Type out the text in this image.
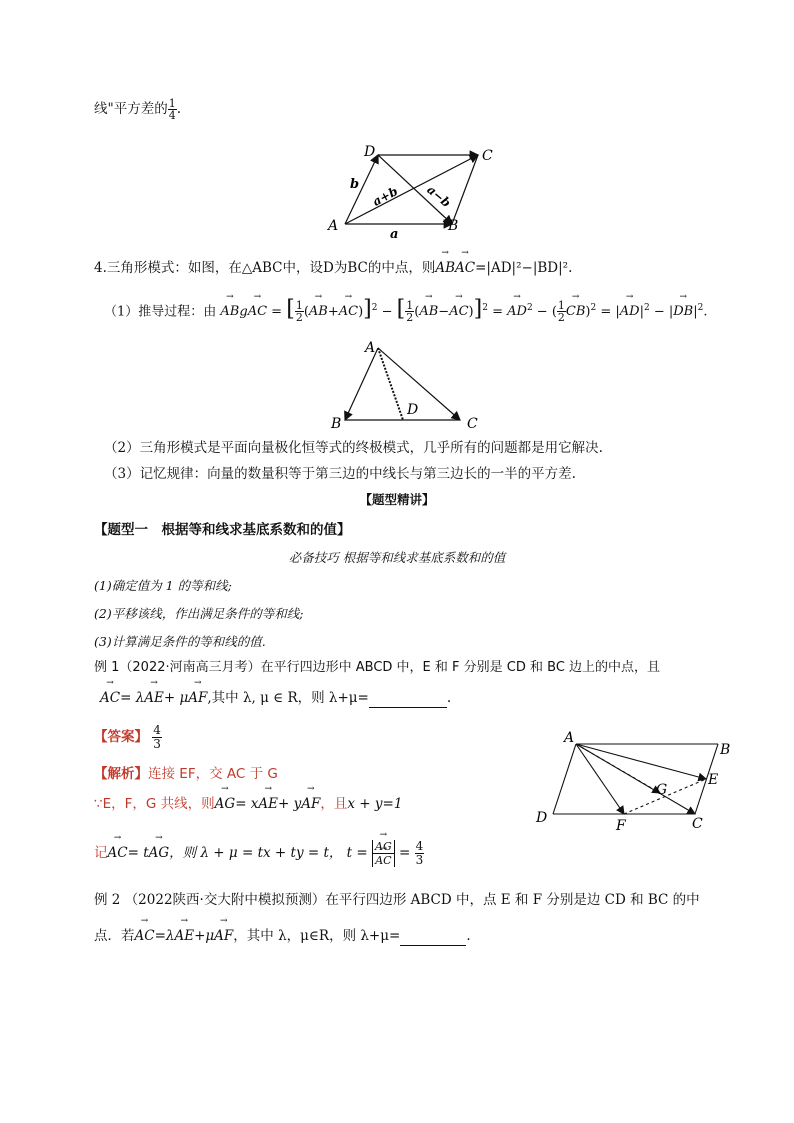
线"平方差的 $\frac{1}{4}$ .
A	B
C
D
a
b a+b a−b
4.三角形模式：如图，在△ABC中，设D为BC的中点，则→ AB→ AC=|AD|²−|BD|².
（1）推导过程：由 → ABg→ AC = [ $\frac{1}{2}$ (→ AB+→ AC)]$^2$ − [ $\frac{1}{2}$ (→ AB−→ AC)]$^2$ = → $AD^2$ − ( $\frac{1}{2}$
→ CB)$^2$ = |→ $AD|^2$ − |→ $DB|^2$.
A
B	C
D
（2）三角形模式是平面向量极化恒等式的终极模式，几乎所有的问题都是用它解决.
（3）记忆规律：向量的数量积等于第三边的中线长与第三边长的一半的平方差.
【题型精讲】
【题型一　根据等和线求基底系数和的值】
必备技巧 根据等和线求基底系数和的值
(1)确定值为 1 的等和线;
(2)平移该线，作出满足条件的等和线;
(3)计算满足条件的等和线的值.
例 1（2022·河南高三月考）在平行四边形中 ABCD 中，E 和 F 分别是 CD 和 BC 边上的中点，且
→ AC= λ→ AE+ μ→ AF,其中 λ, μ ∈ R，则 λ+μ=	.
【答案】 $\frac{4}{3}$
【解析】连接 EF，交 AC 于 G
∵E，F，G 共线，则→ AG= x→ AE+ y→ AF，且x + y=1
记→ AC= t→ AG，则 λ + μ = tx + ty = t， t =
→ AG
→ AC = $\frac{4}{3}$
A
B
C
D
E
F
G
例 2 （2022陕西·交大附中模拟预测）在平行四边形 ABCD 中，点 E 和 F 分别是边 CD 和 BC 的中
点．若→ AC=λ→ AE+μ→ AF，其中 λ，μ∈R，则 λ+μ=	.
